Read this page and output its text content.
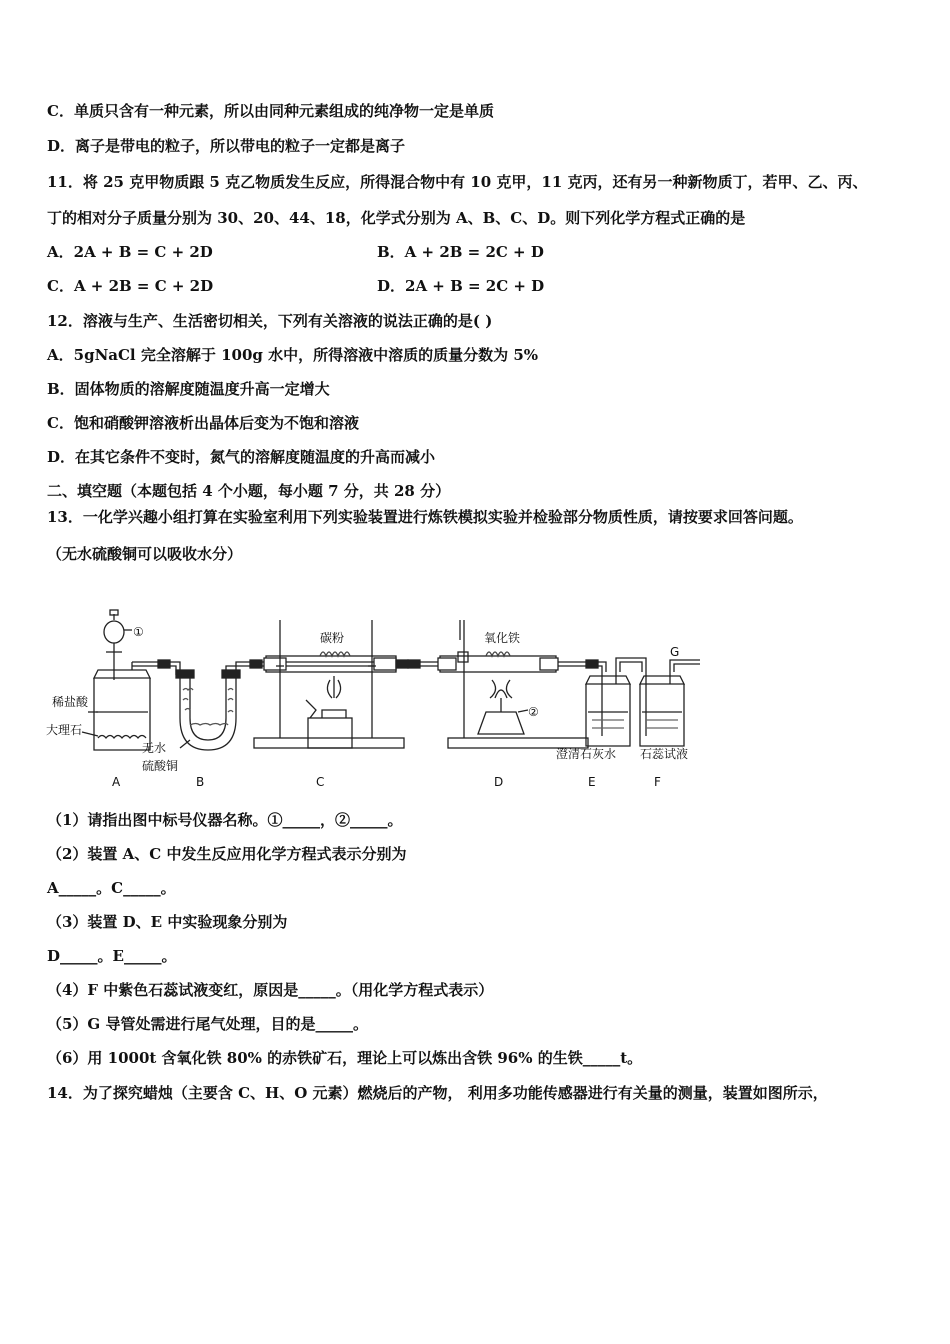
C．单质只含有一种元素，所以由同种元素组成的纯净物一定是单质
D．离子是带电的粒子，所以带电的粒子一定都是离子
11．将 25 克甲物质跟 5 克乙物质发生反应，所得混合物中有 10 克甲，11 克丙，还有另一种新物质丁，若甲、乙、丙、
丁的相对分子质量分别为 30、20、44、18，化学式分别为 A、B、C、D。则下列化学方程式正确的是
A．2A + B = C + 2D	B．A + 2B = 2C + D
C．A + 2B = C + 2D	D．2A + B = 2C + D
12．溶液与生产、生活密切相关，下列有关溶液的说法正确的是( )
A．5gNaCl 完全溶解于 100g 水中，所得溶液中溶质的质量分数为 5%
B．固体物质的溶解度随温度升高一定增大
C．饱和硝酸钾溶液析出晶体后变为不饱和溶液
D．在其它条件不变时，氮气的溶解度随温度的升高而减小
二、填空题（本题包括 4 个小题，每小题 7 分，共 28 分）
13．一化学兴趣小组打算在实验室利用下列实验装置进行炼铁模拟实验并检验部分物质性质，请按要求回答问题。
（无水硫酸铜可以吸收水分）
①
②
稀盐酸
大理石
无水
硫酸铜
碳粉	氧化铁
澄清石灰水 石蕊试液
G
A	B	C	D	E	F
（1）请指出图中标号仪器名称。①_____，②_____。
（2）装置 A、C 中发生反应用化学方程式表示分别为
A_____。C_____。
（3）装置 D、E 中实验现象分别为
D_____。E_____。
（4）F 中紫色石蕊试液变红，原因是_____。（用化学方程式表示）
（5）G 导管处需进行尾气处理，目的是_____。
（6）用 1000t 含氧化铁 80% 的赤铁矿石，理论上可以炼出含铁 96% 的生铁_____t。
14．为了探究蜡烛（主要含 C、H、O 元素）燃烧后的产物， 利用多功能传感器进行有关量的测量，装置如图所示，
